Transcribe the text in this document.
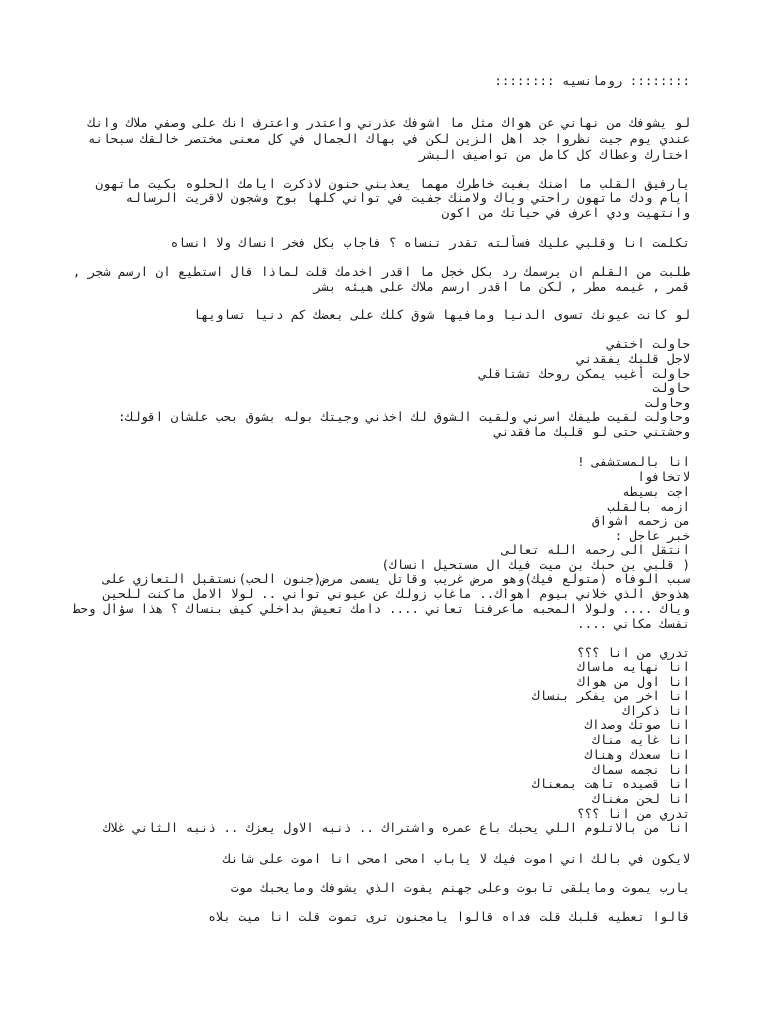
:::::::: رومانسيه ::::::::
لو يشوفك من نهاني عن هواك مثل ما اشوفك عذرني واعتدر واعترف انك على وصفي ملاك وانك
عندي يوم جيت نظروا جد اهل الزين لكن في بهاك الجمال في كل معنى مختصر خالقك سبحانه
اختارك وعطاك كل كامل من تواصيف البشر
يارفيق القلب ما اضنك بغيت خاطرك مهما يعذبني حنون لاذكرت ايامك الحلوه بكيت ماتهون
ايام ودك ماتهون راحتي وياك ولامنك جفيت في تواني كلها بوح وشجون لاقريت الرساله
وانتهيت ودي اعرف في حياتك من اكون
تكلمت انا وقلبي عليك فسألته تقدر تنساه ؟ فاجاب بكل فخر انساك ولا انساه
طلبت من القلم ان يرسمك رد بكل خجل ما اقدر اخدمك قلت لماذا قال استطيع ان ارسم شجر ,
قمر , غيمه مطر , لكن ما اقدر ارسم ملاك على هيئه بشر
لو كانت عيونك تسوى الدنيا ومافيها شوق كلك على بعضك كم دنيا تساويها
حاولت اختفي
لاجل قلبك يفقدني
حاولت أغيب يمكن روحك تشتاقلي
حاولت
وحاولت
وحاولت لقيت طيفك اسرني ولقيت الشوق لك اخذني وجيتك بوله بشوق بحب علشان اقولك:
وحشتني حتى لو قلبك مافقدني
انا بالمستشفى !
لاتخافوا
اجت بسيطه
ازمه بالقلب
من زحمه اشواق
خبر عاجل :
انتقل الى رحمه الله تعالى
( قلبي بن حبك بن ميت فيك ال مستحيل انساك)
سبب الوفاه (متولع فيك)وهو مرض غريب وقاتل يسمى مرض(جنون الحب)نستقبل التعازي على
هذوحق الذي خلاني بيوم اهواك.. ماغاب زولك عن عيوني تواني .. لولا الامل ماكنت للحين
وياك .... ولولا المحبه ماعرفنا تعاني .... دامك تعيش بداخلي كيف بنساك ؟ هذا سؤال وحط
نفسك مكاني ....
تدري من انا ؟؟؟
انا نهايه ماساك
انا اول من هواك
انا اخر من يفكر بنساك
انا ذكراك
انا صوتك وصداك
انا غايه مناك
انا سعدك وهناك
انا نجمه سماك
انا قصيده تاهت بمعناك
انا لحن مغناك
تدري من انا ؟؟؟
انا من بالاتلوم اللي يحبك باع عمره واشتراك .. ذنبه الاول يعزك .. ذنبه الثاني غلاك
لايكون في بالك اني اموت فيك لا ياباب امحى امحى انا اموت على شانك
يارب يموت ومايلقى تابوت وعلى جهنم يفوت الذي يشوفك ومايحبك موت
قالوا تعطيه قلبك قلت فداه قالوا يامجنون ترى تموت قلت انا ميت بلاه
